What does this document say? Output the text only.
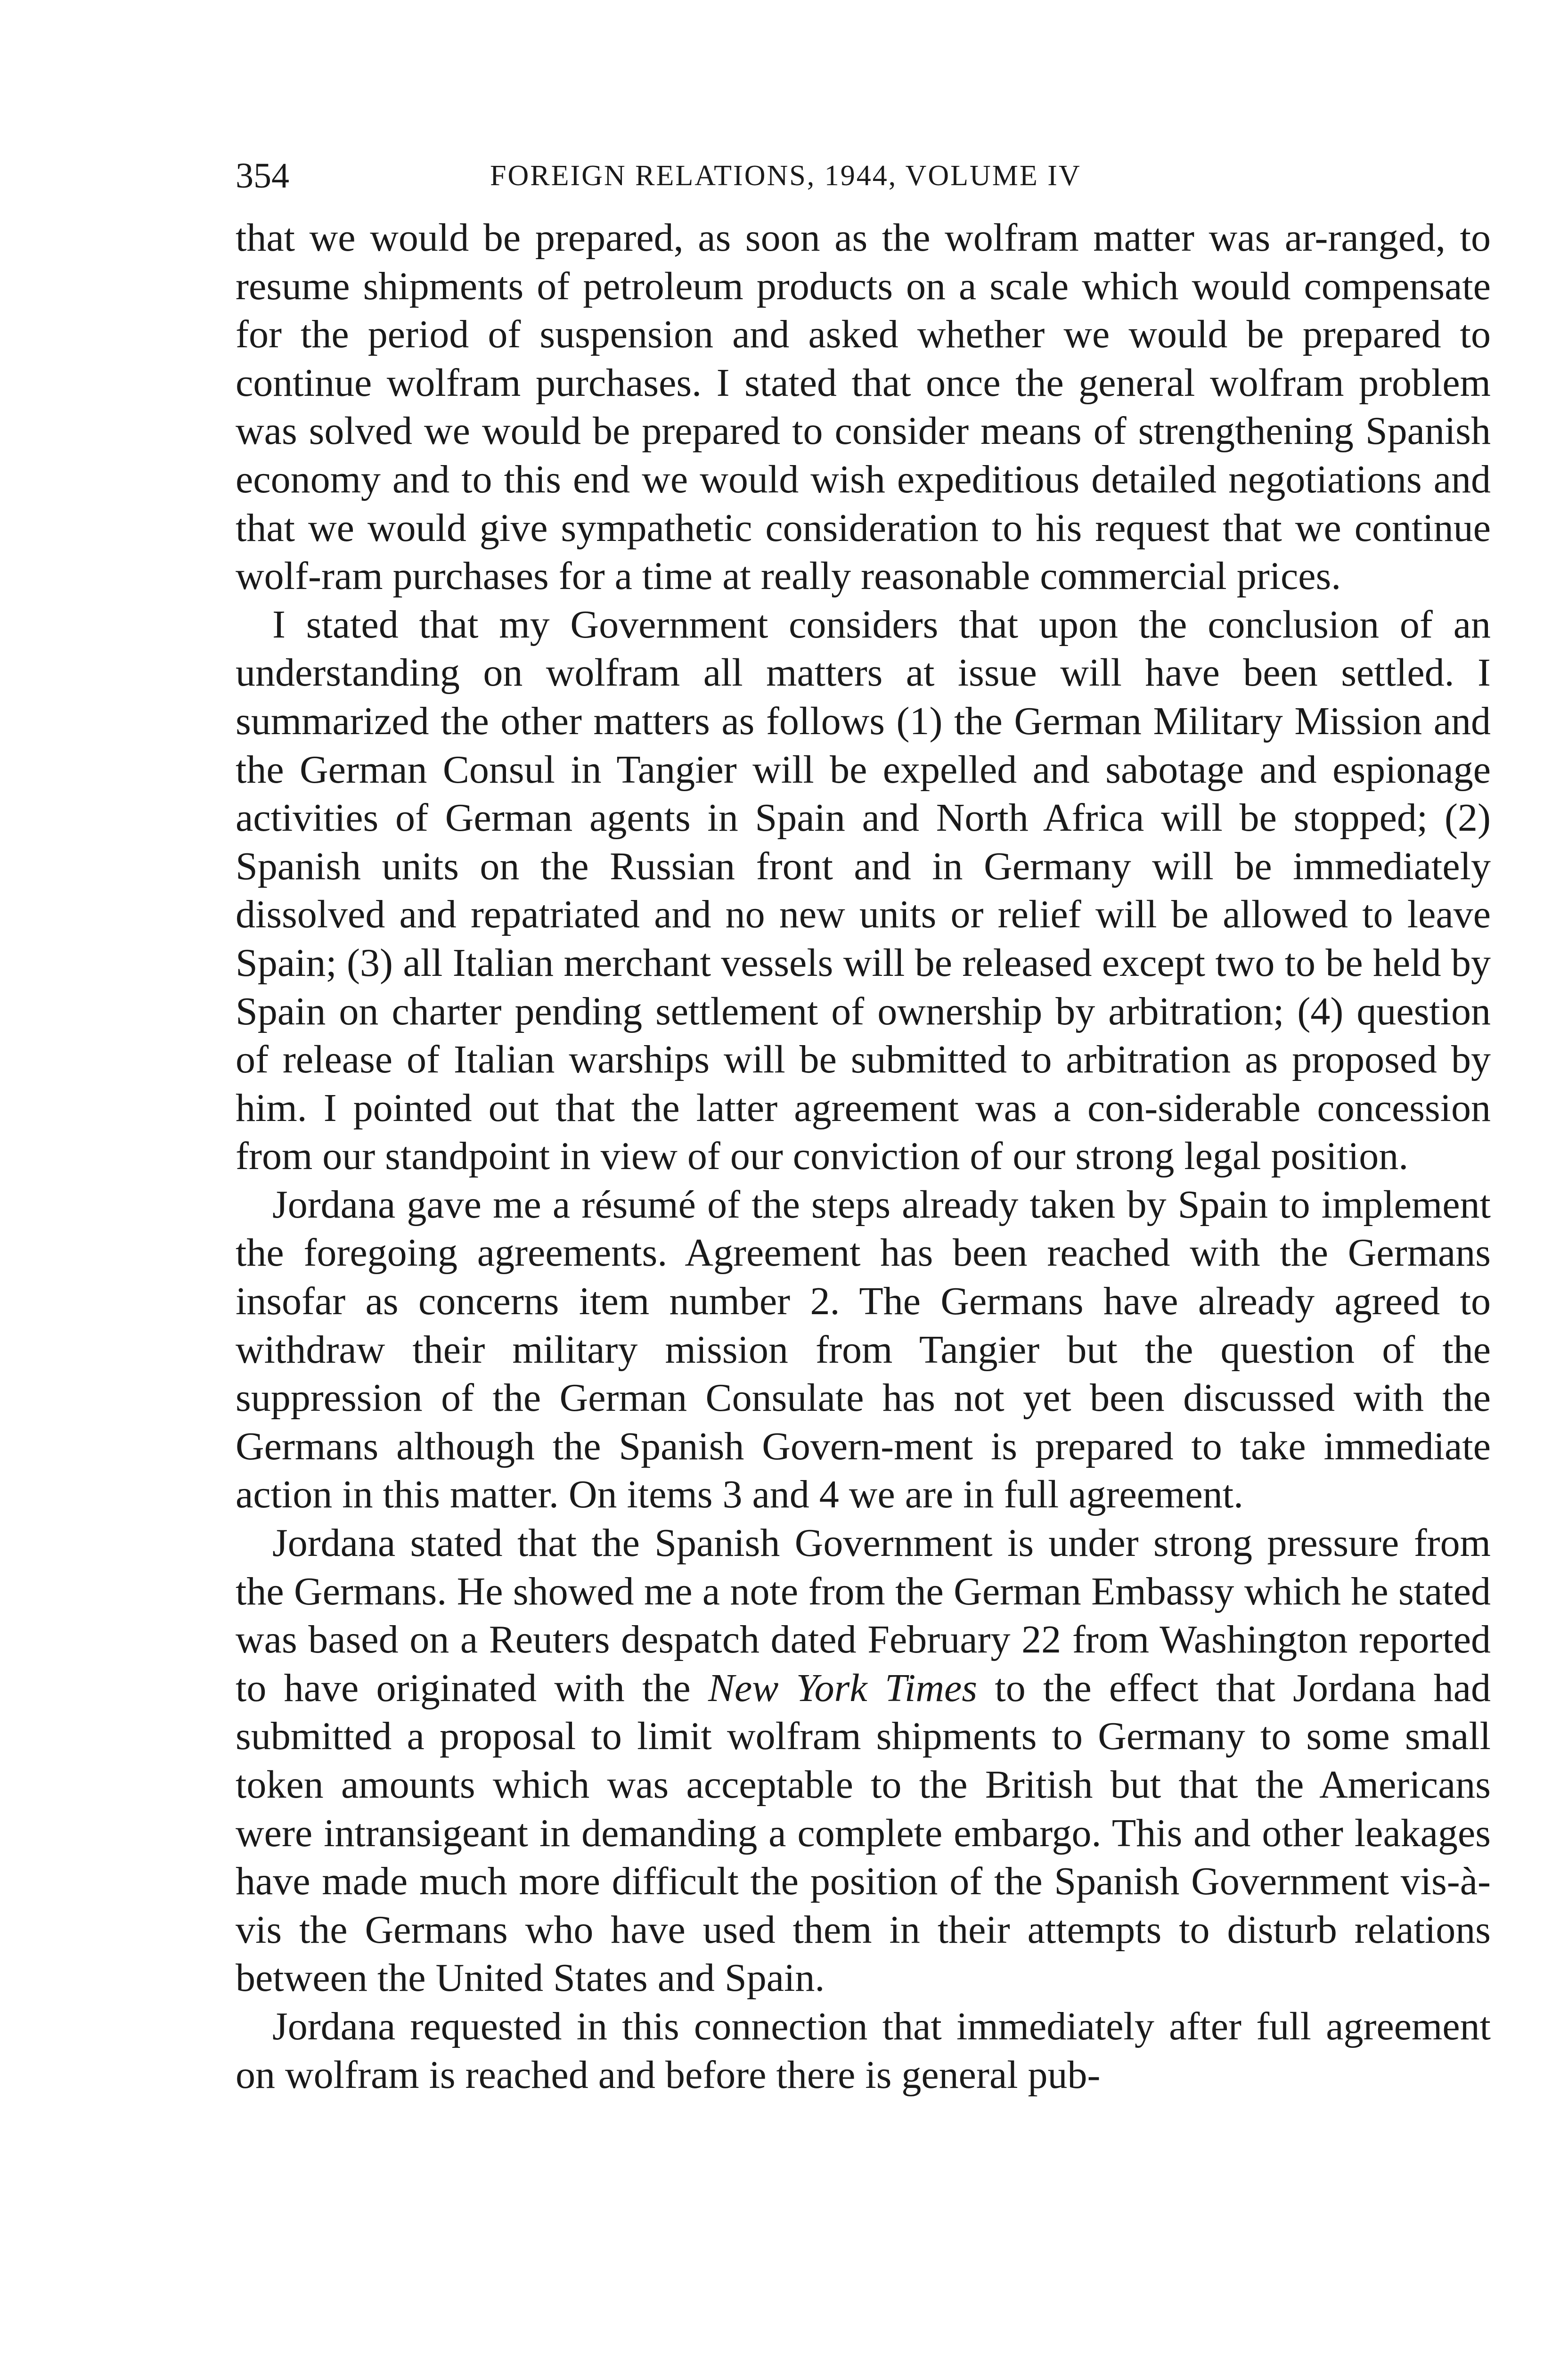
354	FOREIGN RELATIONS, 1944, VOLUME IV

that we would be prepared, as soon as the wolfram matter was ar-ranged, to resume shipments of petroleum products on a scale which would compensate for the period of suspension and asked whether we would be prepared to continue wolfram purchases. I stated that once the general wolfram problem was solved we would be prepared to consider means of strengthening Spanish economy and to this end we would wish expeditious detailed negotiations and that we would give sympathetic consideration to his request that we continue wolf-ram purchases for a time at really reasonable commercial prices.

I stated that my Government considers that upon the conclusion of an understanding on wolfram all matters at issue will have been settled. I summarized the other matters as follows (1) the German Military Mission and the German Consul in Tangier will be expelled and sabotage and espionage activities of German agents in Spain and North Africa will be stopped; (2) Spanish units on the Russian front and in Germany will be immediately dissolved and repatriated and no new units or relief will be allowed to leave Spain; (3) all Italian merchant vessels will be released except two to be held by Spain on charter pending settlement of ownership by arbitration; (4) question of release of Italian warships will be submitted to arbitration as proposed by him. I pointed out that the latter agreement was a con-siderable concession from our standpoint in view of our conviction of our strong legal position.

Jordana gave me a résumé of the steps already taken by Spain to implement the foregoing agreements. Agreement has been reached with the Germans insofar as concerns item number 2. The Germans have already agreed to withdraw their military mission from Tangier but the question of the suppression of the German Consulate has not yet been discussed with the Germans although the Spanish Govern-ment is prepared to take immediate action in this matter. On items 3 and 4 we are in full agreement.

Jordana stated that the Spanish Government is under strong pressure from the Germans. He showed me a note from the German Embassy which he stated was based on a Reuters despatch dated February 22 from Washington reported to have originated with the New York Times to the effect that Jordana had submitted a proposal to limit wolfram shipments to Germany to some small token amounts which was acceptable to the British but that the Americans were intransigeant in demanding a complete embargo. This and other leakages have made much more difficult the position of the Spanish Government vis-à-vis the Germans who have used them in their attempts to disturb relations between the United States and Spain.

Jordana requested in this connection that immediately after full agreement on wolfram is reached and before there is general pub-
